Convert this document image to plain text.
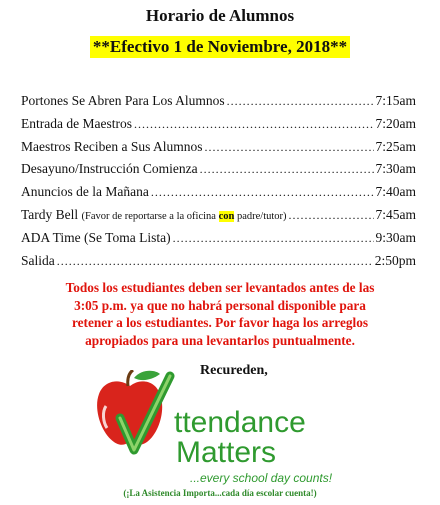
Horario de Alumnos
**Efectivo 1 de Noviembre, 2018**
Portones Se Abren Para Los Alumnos .....	7:15am
Entrada de Maestros .....	7:20am
Maestros Reciben a Sus Alumnos .....	7:25am
Desayuno/Instrucción Comienza .....	7:30am
Anuncios de la Mañana .....	7:40am
Tardy Bell (Favor de reportarse a la oficina con padre/tutor) .....	7:45am
ADA Time (Se Toma Lista) .....	9:30am
Salida .....	2:50pm
Todos los estudiantes deben ser levantados antes de las
3:05 p.m. ya que no habrá personal disponible para
retener a los estudiantes. Por favor haga los arreglos
apropiados para una levantarlos puntualmente.
Recureden,
ttendance
Matters
...every school day counts!
(¡La Asistencia Importa...cada día escolar cuenta!)
